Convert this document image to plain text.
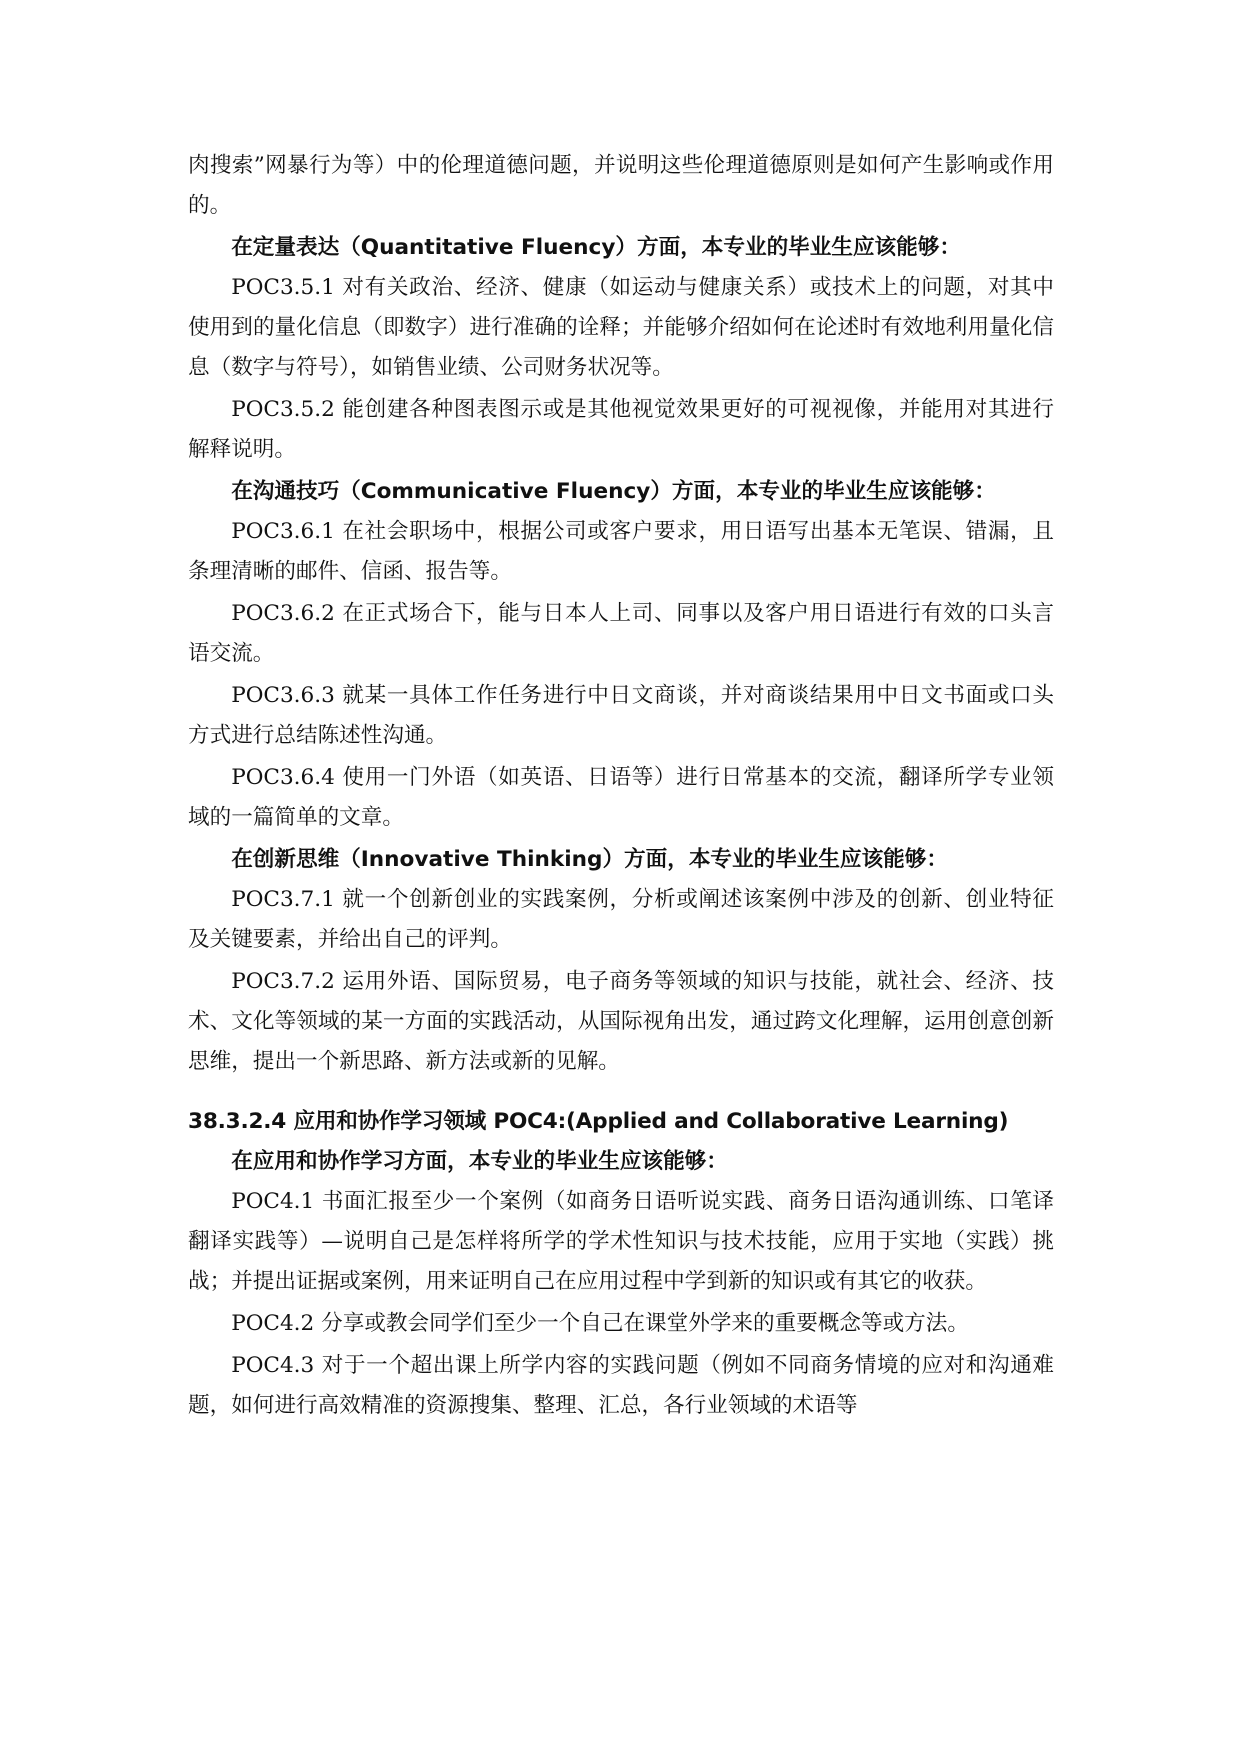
肉搜索”网暴行为等）中的伦理道德问题，并说明这些伦理道德原则是如何产生影响或作用的。

在定量表达（Quantitative Fluency）方面，本专业的毕业生应该能够：

POC3.5.1 对有关政治、经济、健康（如运动与健康关系）或技术上的问题，对其中使用到的量化信息（即数字）进行准确的诠释；并能够介绍如何在论述时有效地利用量化信息（数字与符号），如销售业绩、公司财务状况等。

POC3.5.2 能创建各种图表图示或是其他视觉效果更好的可视视像，并能用对其进行解释说明。

在沟通技巧（Communicative Fluency）方面，本专业的毕业生应该能够：

POC3.6.1 在社会职场中，根据公司或客户要求，用日语写出基本无笔误、错漏，且条理清晰的邮件、信函、报告等。

POC3.6.2 在正式场合下，能与日本人上司、同事以及客户用日语进行有效的口头言语交流。

POC3.6.3 就某一具体工作任务进行中日文商谈，并对商谈结果用中日文书面或口头方式进行总结陈述性沟通。

POC3.6.4 使用一门外语（如英语、日语等）进行日常基本的交流，翻译所学专业领域的一篇简单的文章。

在创新思维（Innovative Thinking）方面，本专业的毕业生应该能够：

POC3.7.1 就一个创新创业的实践案例，分析或阐述该案例中涉及的创新、创业特征及关键要素，并给出自己的评判。

POC3.7.2 运用外语、国际贸易，电子商务等领域的知识与技能，就社会、经济、技术、文化等领域的某一方面的实践活动，从国际视角出发，通过跨文化理解，运用创意创新思维，提出一个新思路、新方法或新的见解。

38.3.2.4 应用和协作学习领域 POC4:(Applied and Collaborative Learning)

在应用和协作学习方面，本专业的毕业生应该能够：

POC4.1 书面汇报至少一个案例（如商务日语听说实践、商务日语沟通训练、口笔译翻译实践等）—说明自己是怎样将所学的学术性知识与技术技能，应用于实地（实践）挑战；并提出证据或案例，用来证明自己在应用过程中学到新的知识或有其它的收获。

POC4.2 分享或教会同学们至少一个自己在课堂外学来的重要概念等或方法。

POC4.3 对于一个超出课上所学内容的实践问题（例如不同商务情境的应对和沟通难题，如何进行高效精准的资源搜集、整理、汇总，各行业领域的术语等
